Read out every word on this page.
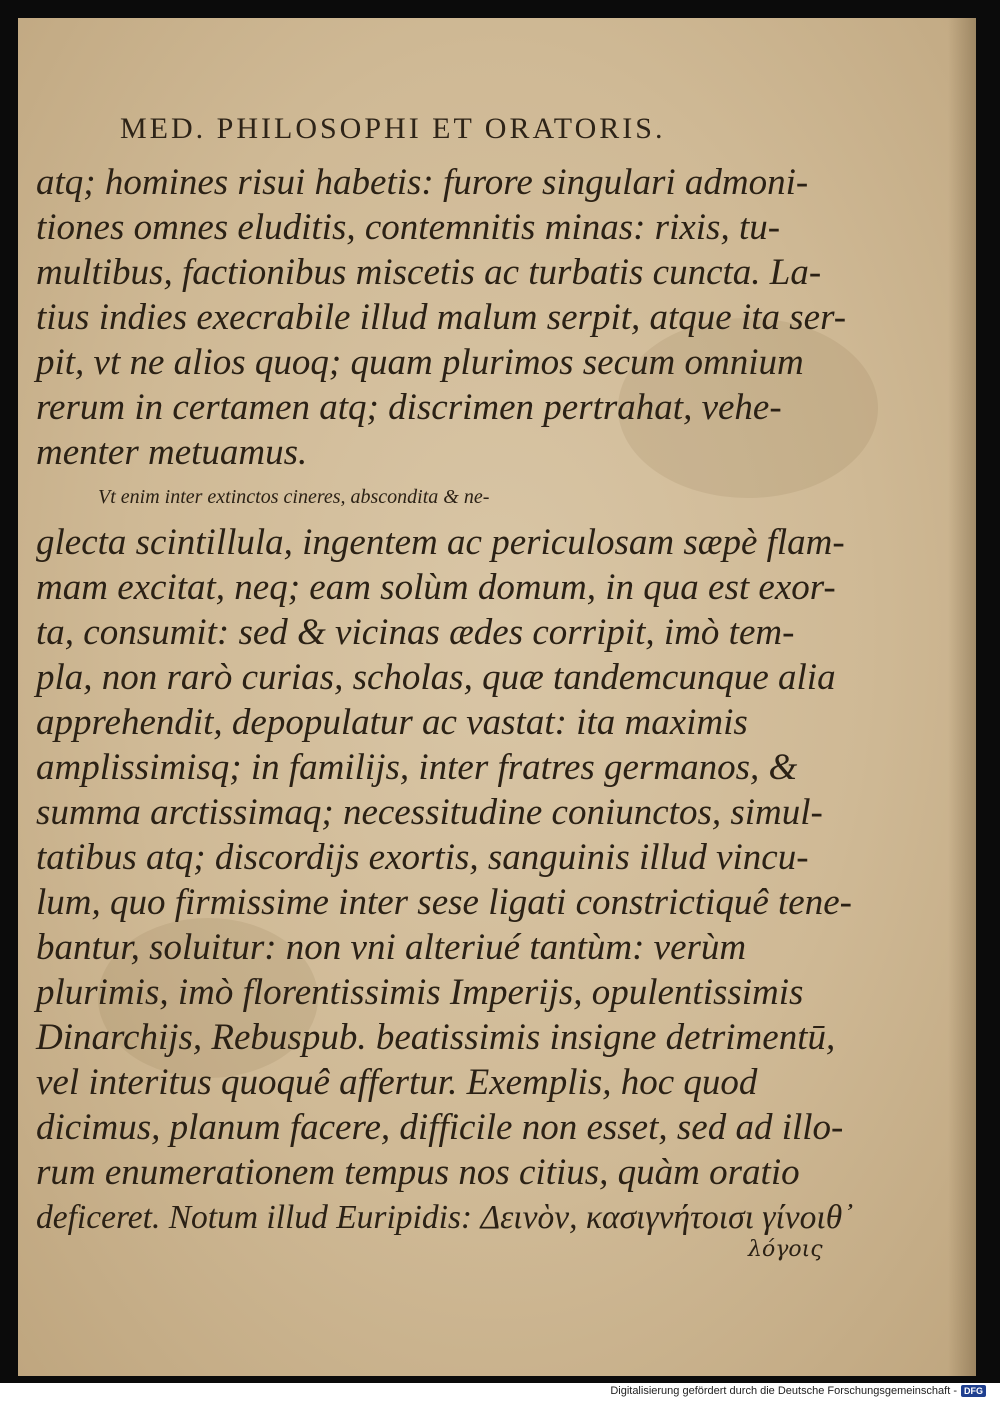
MED. PHILOSOPHI ET ORATORIS.
atq; homines risui habetis: furore singulari admoni-
tiones omnes eluditis, contemnitis minas: rixis, tu-
multibus, factionibus miscetis ac turbatis cuncta. La-
tius indies execrabile illud malum serpit, atque ita ser-
pit, vt ne alios quoq; quam plurimos secum omnium
rerum in certamen atq; discrimen pertrahat, vehe-
menter metuamus.
Vt enim inter extinctos cineres, abscondita & ne-
glecta scintillula, ingentem ac periculosam sæpè flam-
mam excitat, neq; eam solùm domum, in qua est exor-
ta, consumit: sed & vicinas ædes corripit, imò tem-
pla, non rarò curias, scholas, quæ tandemcunque alia
apprehendit, depopulatur ac vastat: ita maximis
amplissimisq; in familijs, inter fratres germanos, &
summa arctissimaq; necessitudine coniunctos, simul-
tatibus atq; discordijs exortis, sanguinis illud vincu-
lum, quo firmissime inter sese ligati constrictiquê tene-
bantur, soluitur: non vni alteriué tantùm: verùm
plurimis, imò florentissimis Imperijs, opulentissimis
Dinarchijs, Rebuspub. beatissimis insigne detrimentū,
vel interitus quoquê affertur. Exemplis, hoc quod
dicimus, planum facere, difficile non esset, sed ad illo-
rum enumerationem tempus nos citius, quàm oratio
deficeret. Notum illud Euripidis: Δεινὸν, κασιγνήτοισι γίνοιθ᾽
λόγοις
Digitalisierung gefördert durch die Deutsche Forschungsgemeinschaft - DFG
